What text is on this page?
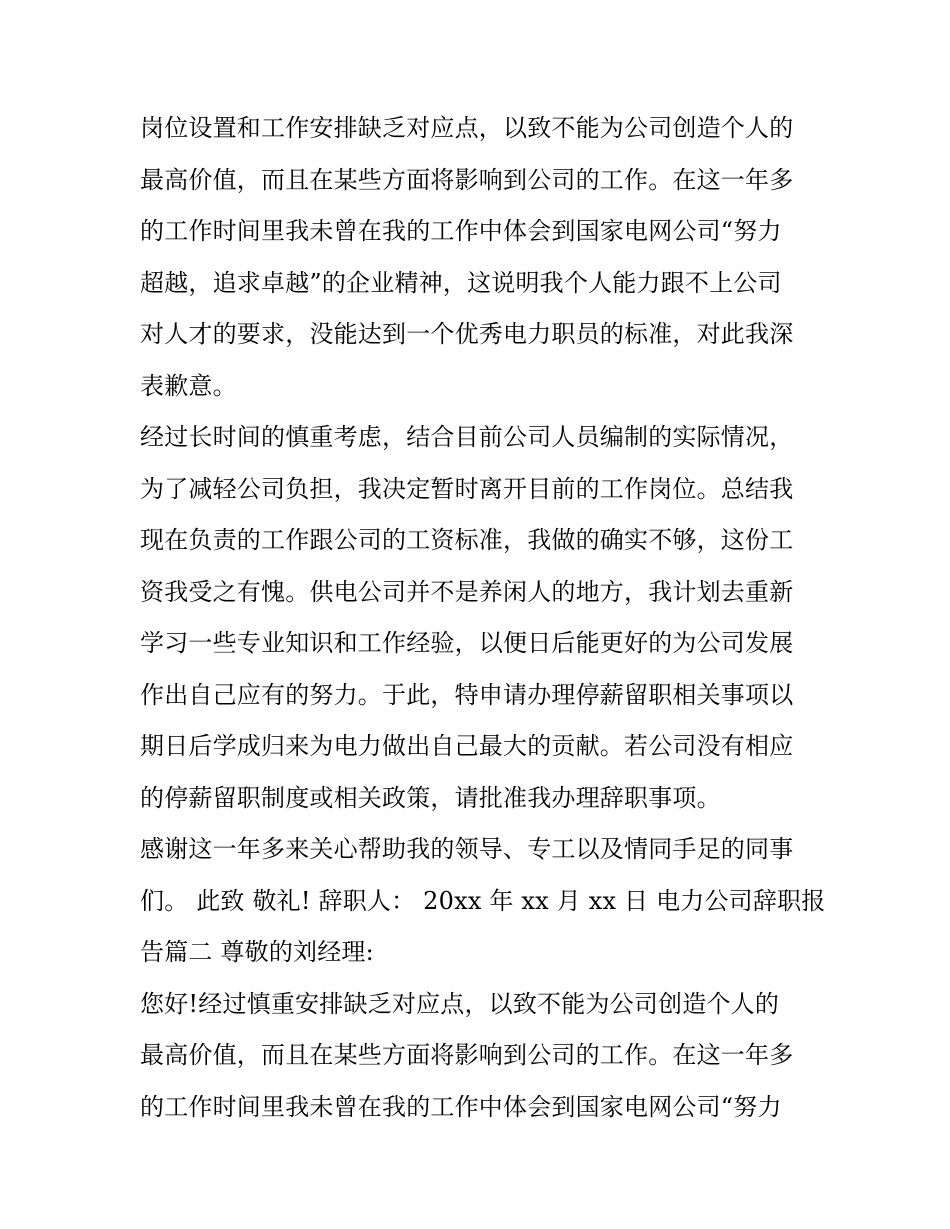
岗位设置和工作安排缺乏对应点，以致不能为公司创造个人的
最高价值，而且在某些方面将影响到公司的工作。在这一年多
的工作时间里我未曾在我的工作中体会到国家电网公司“努力
超越，追求卓越”的企业精神，这说明我个人能力跟不上公司
对人才的要求，没能达到一个优秀电力职员的标准，对此我深
表歉意。
经过长时间的慎重考虑，结合目前公司人员编制的实际情况，
为了减轻公司负担，我决定暂时离开目前的工作岗位。总结我
现在负责的工作跟公司的工资标准，我做的确实不够，这份工
资我受之有愧。供电公司并不是养闲人的地方，我计划去重新
学习一些专业知识和工作经验，以便日后能更好的为公司发展
作出自己应有的努力。于此，特申请办理停薪留职相关事项以
期日后学成归来为电力做出自己最大的贡献。若公司没有相应
的停薪留职制度或相关政策，请批准我办理辞职事项。
感谢这一年多来关心帮助我的领导、专工以及情同手足的同事
们。 此致 敬礼! 辞职人： 20xx 年 xx 月 xx 日 电力公司辞职报
告篇二 尊敬的刘经理:
您好!经过慎重安排缺乏对应点，以致不能为公司创造个人的
最高价值，而且在某些方面将影响到公司的工作。在这一年多
的工作时间里我未曾在我的工作中体会到国家电网公司“努力
